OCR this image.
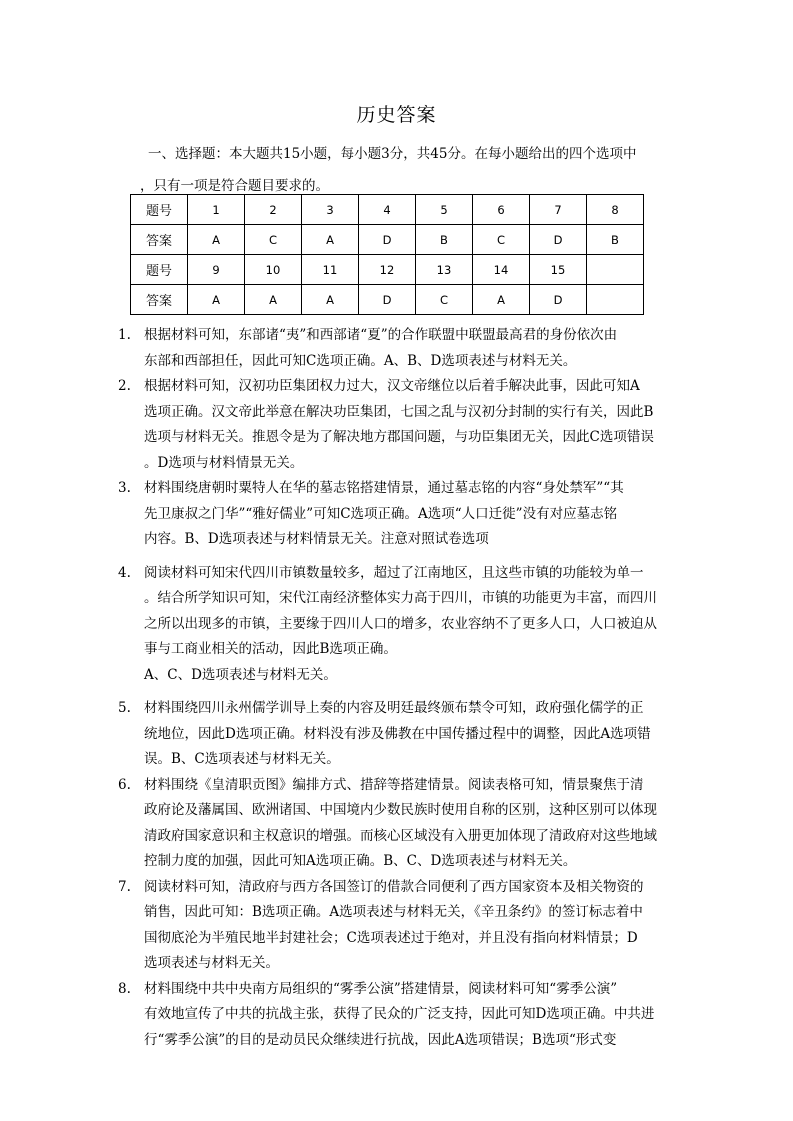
历史答案
一、选择题：本大题共15小题，每小题3分，共45分。在每小题给出的四个选项中
，只有一项是符合题目要求的。
题号	1	2	3	4	5	6	7	8
答案	A	C	A	D	B	C	D	B
题号	9	10	11	12	13	14	15	
答案	A	A	A	D	C	A	D	
1. 根据材料可知，东部诸“夷”和西部诸“夏”的合作联盟中联盟最高君的身份依次由
东部和西部担任，因此可知C选项正确。A、B、D选项表述与材料无关。
2. 根据材料可知，汉初功臣集团权力过大，汉文帝继位以后着手解决此事，因此可知A
选项正确。汉文帝此举意在解决功臣集团，七国之乱与汉初分封制的实行有关，因此B
选项与材料无关。推恩令是为了解决地方郡国问题，与功臣集团无关，因此C选项错误
。D选项与材料情景无关。
3. 材料围绕唐朝时粟特人在华的墓志铭搭建情景，通过墓志铭的内容“身处禁军”“其
先卫康叔之门华”“雅好儒业”可知C选项正确。A选项“人口迁徙”没有对应墓志铭
内容。B、D选项表述与材料情景无关。注意对照试卷选项
4. 阅读材料可知宋代四川市镇数量较多，超过了江南地区，且这些市镇的功能较为单一
。结合所学知识可知，宋代江南经济整体实力高于四川，市镇的功能更为丰富，而四川
之所以出现多的市镇，主要缘于四川人口的增多，农业容纳不了更多人口，人口被迫从
事与工商业相关的活动，因此B选项正确。
A、C、D选项表述与材料无关。
5. 材料围绕四川永州儒学训导上奏的内容及明廷最终颁布禁令可知，政府强化儒学的正
统地位，因此D选项正确。材料没有涉及佛教在中国传播过程中的调整，因此A选项错
误。B、C选项表述与材料无关。
6. 材料围绕《皇清职贡图》编排方式、措辞等搭建情景。阅读表格可知，情景聚焦于清
政府论及藩属国、欧洲诸国、中国境内少数民族时使用自称的区别，这种区别可以体现
清政府国家意识和主权意识的增强。而核心区域没有入册更加体现了清政府对这些地域
控制力度的加强，因此可知A选项正确。B、C、D选项表述与材料无关。
7. 阅读材料可知，清政府与西方各国签订的借款合同便利了西方国家资本及相关物资的
销售，因此可知：B选项正确。A选项表述与材料无关，《辛丑条约》的签订标志着中
国彻底沦为半殖民地半封建社会；C选项表述过于绝对，并且没有指向材料情景；D
选项表述与材料无关。
8. 材料围绕中共中央南方局组织的“雾季公演”搭建情景，阅读材料可知“雾季公演”
有效地宣传了中共的抗战主张，获得了民众的广泛支持，因此可知D选项正确。中共进
行“雾季公演”的目的是动员民众继续进行抗战，因此A选项错误；B选项“形式变
